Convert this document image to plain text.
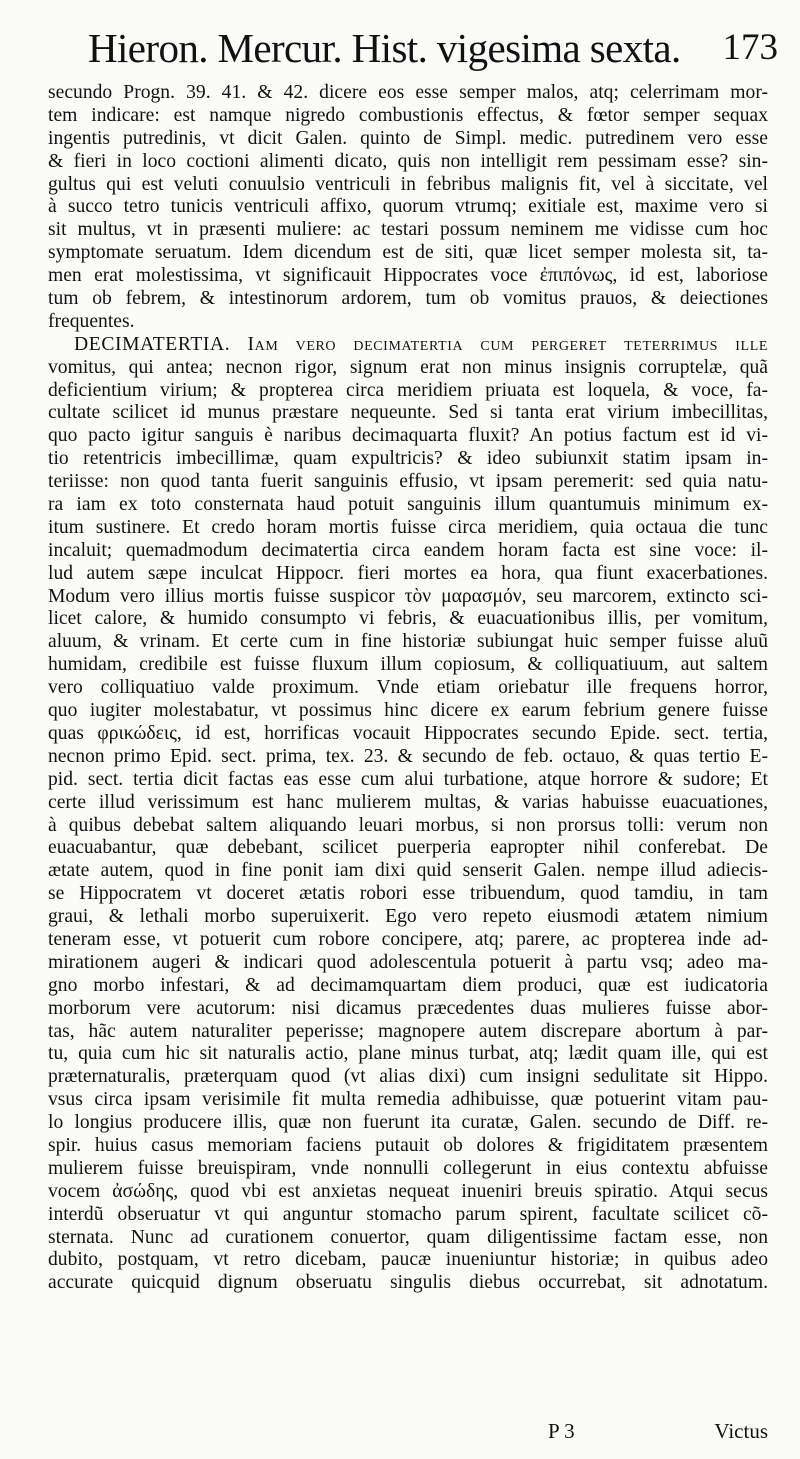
Hieron. Mercur. Hist. vigesima sexta. 173
secundo Progn. 39. 41. & 42. dicere eos esse semper malos, atq; celerrimam mor-
tem indicare: est namque nigredo combustionis effectus, & fœtor semper sequax
ingentis putredinis, vt dicit Galen. quinto de Simpl. medic. putredinem vero esse
& fieri in loco coctioni alimenti dicato, quis non intelligit rem pessimam esse? sin-
gultus qui est veluti conuulsio ventriculi in febribus malignis fit, vel à siccitate, vel
à succo tetro tunicis ventriculi affixo, quorum vtrumq; exitiale est, maxime vero si
sit multus, vt in præsenti muliere: ac testari possum neminem me vidisse cum hoc
symptomate seruatum. Idem dicendum est de siti, quæ licet semper molesta sit, ta-
men erat molestissima, vt significauit Hippocrates voce ἐπιπόνως, id est, laboriose
tum ob febrem, & intestinorum ardorem, tum ob vomitus prauos, & deiectiones
frequentes.
DECIMATERTIA. Iam vero decimatertia cum pergeret teterrimus ille
vomitus, qui antea; necnon rigor, signum erat non minus insignis corruptelæ, quã
deficientium virium; & propterea circa meridiem priuata est loquela, & voce, fa-
cultate scilicet id munus præstare nequeunte. Sed si tanta erat virium imbecillitas,
quo pacto igitur sanguis è naribus decimaquarta fluxit? An potius factum est id vi-
tio retentricis imbecillimæ, quam expultricis? & ideo subiunxit statim ipsam in-
teriisse: non quod tanta fuerit sanguinis effusio, vt ipsam peremerit: sed quia natu-
ra iam ex toto consternata haud potuit sanguinis illum quantumuis minimum ex-
itum sustinere. Et credo horam mortis fuisse circa meridiem, quia octaua die tunc
incaluit; quemadmodum decimatertia circa eandem horam facta est sine voce: il-
lud autem sæpe inculcat Hippocr. fieri mortes ea hora, qua fiunt exacerbationes.
Modum vero illius mortis fuisse suspicor τὸν μαρασμόν, seu marcorem, extincto sci-
licet calore, & humido consumpto vi febris, & euacuationibus illis, per vomitum,
aluum, & vrinam. Et certe cum in fine historiæ subiungat huic semper fuisse aluũ
humidam, credibile est fuisse fluxum illum copiosum, & colliquatiuum, aut saltem
vero colliquatiuo valde proximum. Vnde etiam oriebatur ille frequens horror,
quo iugiter molestabatur, vt possimus hinc dicere ex earum febrium genere fuisse
quas φρικώδεις, id est, horrificas vocauit Hippocrates secundo Epide. sect. tertia,
necnon primo Epid. sect. prima, tex. 23. & secundo de feb. octauo, & quas tertio E-
pid. sect. tertia dicit factas eas esse cum alui turbatione, atque horrore & sudore; Et
certe illud verissimum est hanc mulierem multas, & varias habuisse euacuationes,
à quibus debebat saltem aliquando leuari morbus, si non prorsus tolli: verum non
euacuabantur, quæ debebant, scilicet puerperia eapropter nihil conferebat. De
ætate autem, quod in fine ponit iam dixi quid senserit Galen. nempe illud adiecis-
se Hippocratem vt doceret ætatis robori esse tribuendum, quod tamdiu, in tam
graui, & lethali morbo superuixerit. Ego vero repeto eiusmodi ætatem nimium
teneram esse, vt potuerit cum robore concipere, atq; parere, ac propterea inde ad-
mirationem augeri & indicari quod adolescentula potuerit à partu vsq; adeo ma-
gno morbo infestari, & ad decimamquartam diem produci, quæ est iudicatoria
morborum vere acutorum: nisi dicamus præcedentes duas mulieres fuisse abor-
tas, hãc autem naturaliter peperisse; magnopere autem discrepare abortum à par-
tu, quia cum hic sit naturalis actio, plane minus turbat, atq; lædit quam ille, qui est
præternaturalis, præterquam quod (vt alias dixi) cum insigni sedulitate sit Hippo.
vsus circa ipsam verisimile fit multa remedia adhibuisse, quæ potuerint vitam pau-
lo longius producere illis, quæ non fuerunt ita curatæ, Galen. secundo de Diff. re-
spir. huius casus memoriam faciens putauit ob dolores & frigiditatem præsentem
mulierem fuisse breuispiram, vnde nonnulli collegerunt in eius contextu abfuisse
vocem ἀσώδης, quod vbi est anxietas nequeat inueniri breuis spiratio. Atqui secus
interdũ obseruatur vt qui anguntur stomacho parum spirent, facultate scilicet cõ-
sternata. Nunc ad curationem conuertor, quam diligentissime factam esse, non
dubito, postquam, vt retro dicebam, paucæ inueniuntur historiæ; in quibus adeo
accurate quicquid dignum obseruatu singulis diebus occurrebat, sit adnotatum.
P 3	Victus
